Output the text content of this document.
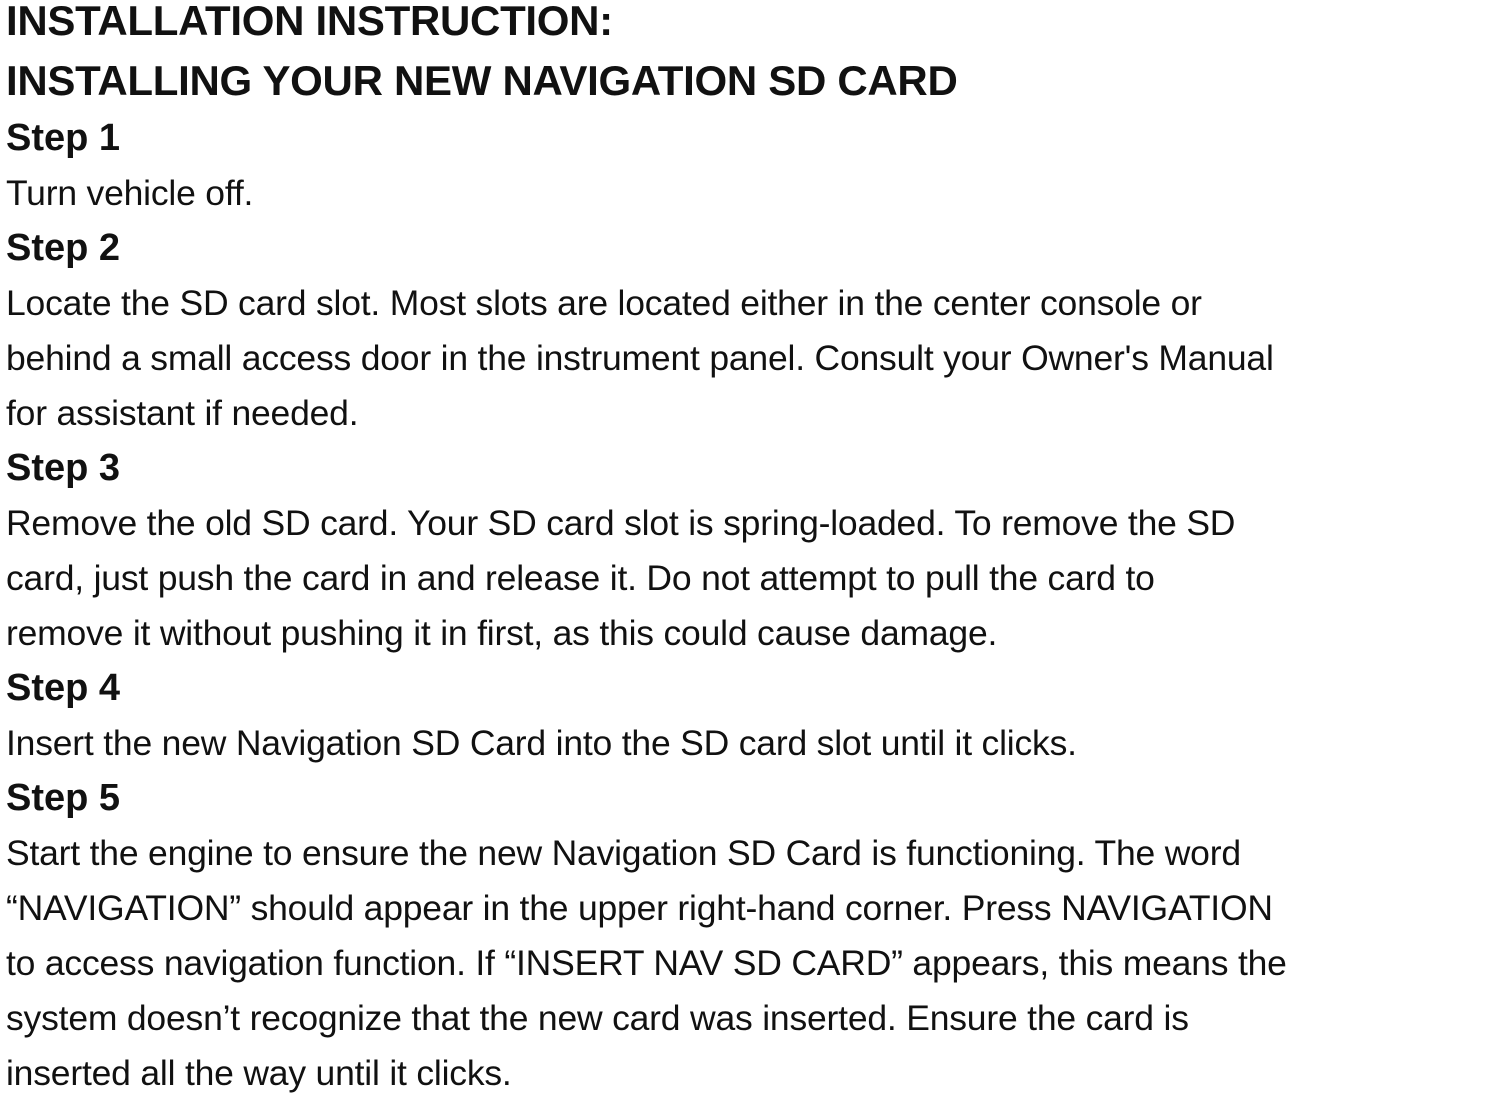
INSTALLATION INSTRUCTION:
INSTALLING YOUR NEW NAVIGATION SD CARD
Step 1
Turn vehicle off.
Step 2
Locate the SD card slot. Most slots are located either in the center console or
behind a small access door in the instrument panel. Consult your Owner's Manual
for assistant if needed.
Step 3
Remove the old SD card. Your SD card slot is spring-loaded. To remove the SD
card, just push the card in and release it. Do not attempt to pull the card to
remove it without pushing it in first, as this could cause damage.
Step 4
Insert the new Navigation SD Card into the SD card slot until it clicks.
Step 5
Start the engine to ensure the new Navigation SD Card is functioning. The word
“NAVIGATION” should appear in the upper right-hand corner. Press NAVIGATION
to access navigation function. If “INSERT NAV SD CARD” appears, this means the
system doesn’t recognize that the new card was inserted. Ensure the card is
inserted all the way until it clicks.
